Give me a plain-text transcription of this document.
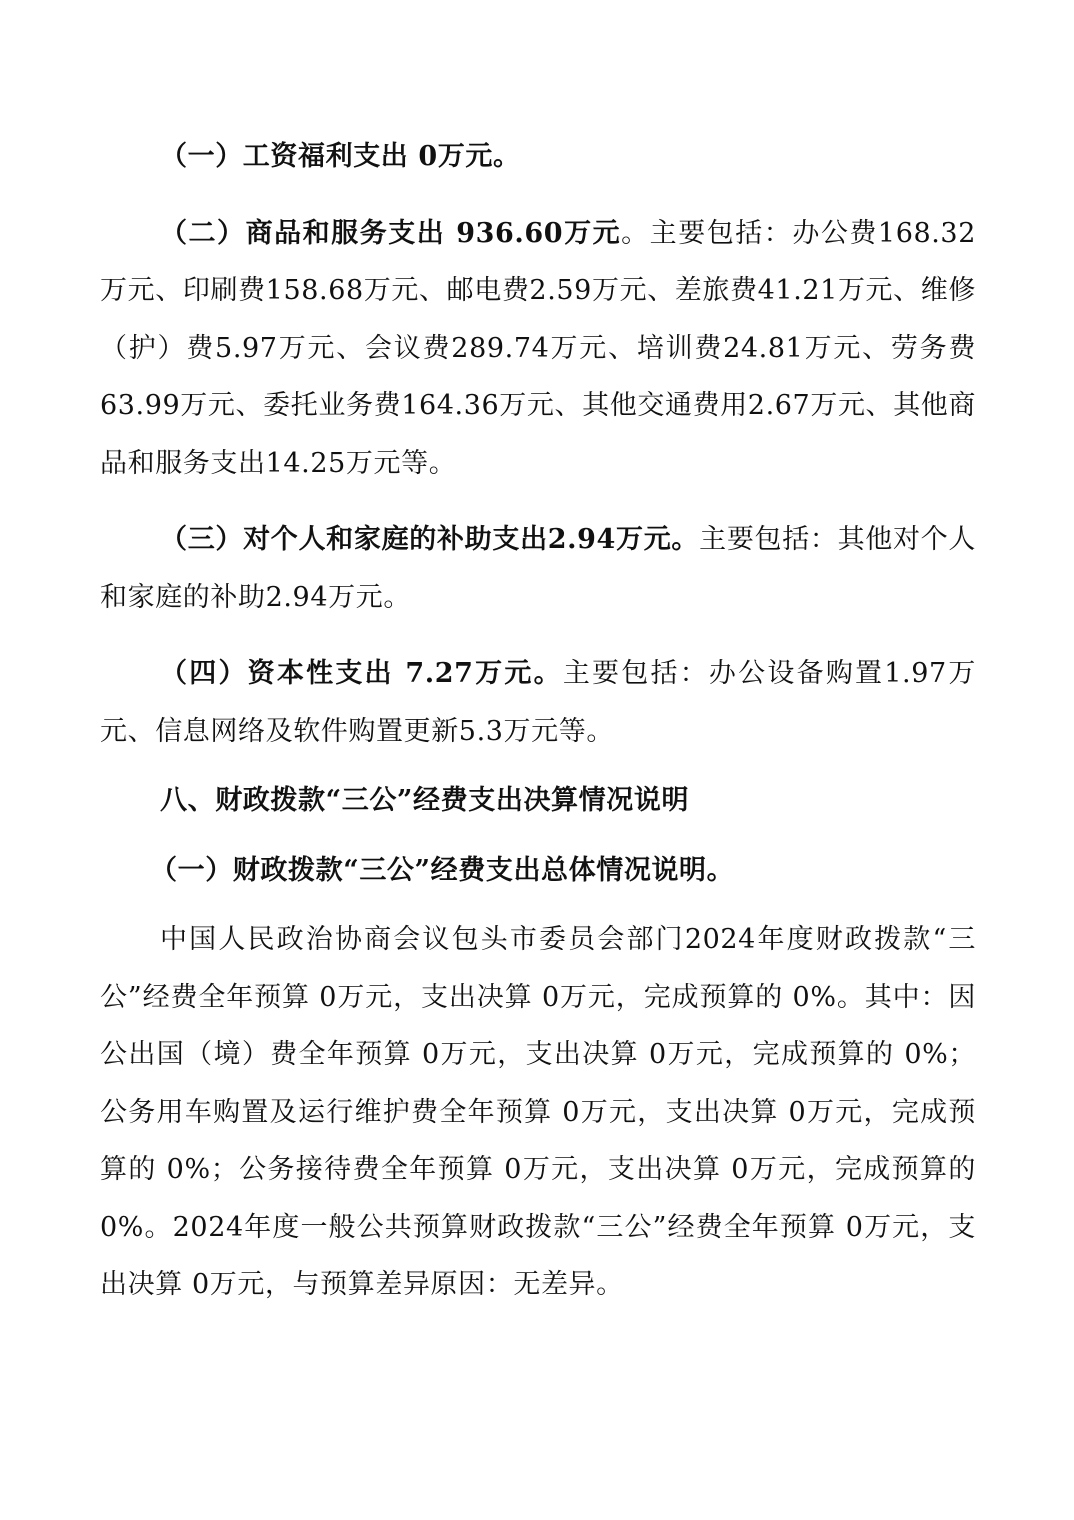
（一）工资福利支出 0万元。

（二）商品和服务支出 936.60万元。主要包括：办公费168.32万元、印刷费158.68万元、邮电费2.59万元、差旅费41.21万元、维修（护）费5.97万元、会议费289.74万元、培训费24.81万元、劳务费63.99万元、委托业务费164.36万元、其他交通费用2.67万元、其他商品和服务支出14.25万元等。

（三）对个人和家庭的补助支出2.94万元。主要包括：其他对个人和家庭的补助2.94万元。

（四）资本性支出 7.27万元。主要包括：办公设备购置1.97万元、信息网络及软件购置更新5.3万元等。

八、财政拨款“三公”经费支出决算情况说明

（一）财政拨款“三公”经费支出总体情况说明。

中国人民政治协商会议包头市委员会部门2024年度财政拨款“三公”经费全年预算 0万元，支出决算 0万元，完成预算的 0%。其中：因公出国（境）费全年预算 0万元，支出决算 0万元，完成预算的 0%；公务用车购置及运行维护费全年预算 0万元，支出决算 0万元，完成预算的 0%；公务接待费全年预算 0万元，支出决算 0万元，完成预算的 0%。2024年度一般公共预算财政拨款“三公”经费全年预算 0万元，支出决算 0万元，与预算差异原因：无差异。
